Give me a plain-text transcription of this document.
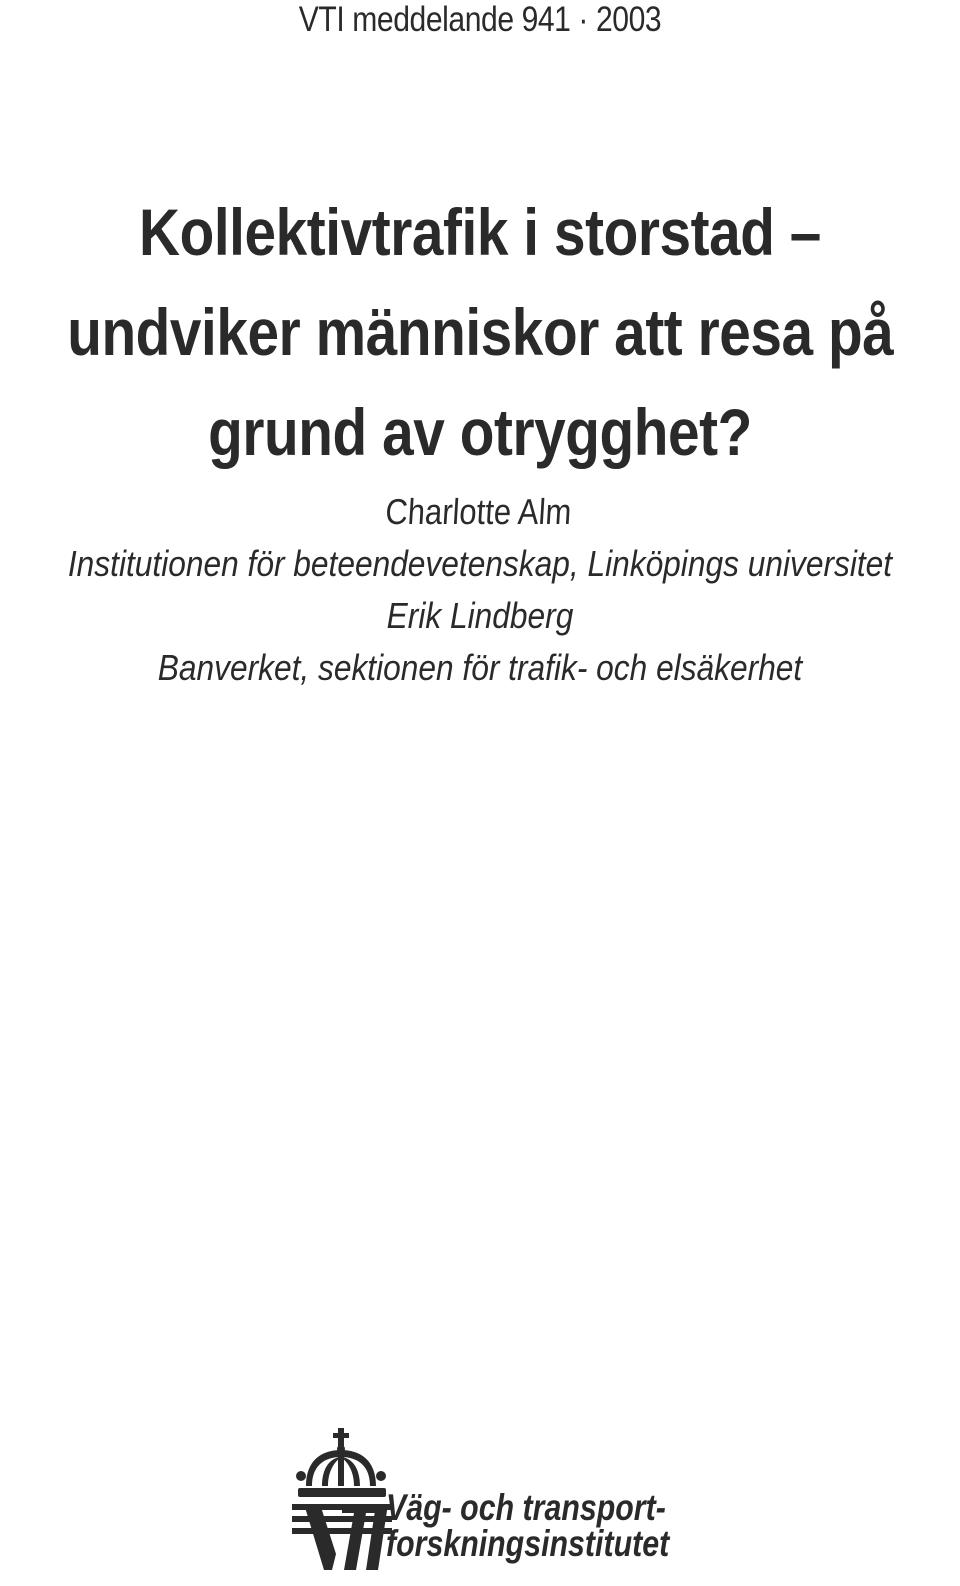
VTI meddelande 941 · 2003
Kollektivtrafik i storstad –
undviker människor att resa på
grund av otrygghet?
Charlotte Alm
Institutionen för beteendevetenskap, Linköpings universitet
Erik Lindberg
Banverket, sektionen för trafik- och elsäkerhet
Väg- och transport-
forskningsinstitutet
